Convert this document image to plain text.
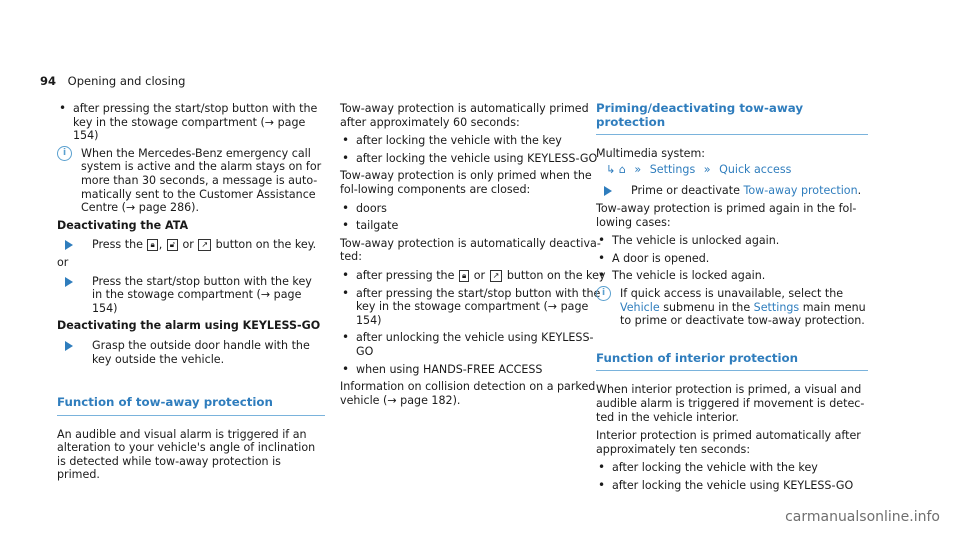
94 Opening and closing
• after pressing the start/stop button with the key in the stowage compartment (→ page 154)
i	When the Mercedes-Benz emergency call system is active and the alarm stays on for more than 30 seconds, a message is auto-matically sent to the Customer Assistance Centre (→ page 286).
Deactivating the ATA
Press the 🔒︎ , 🔓︎ or ↗ button on the key.

or

Press the start/stop button with the key in the stowage compartment (→ page 154)
Deactivating the alarm using KEYLESS-GO
Grasp the outside door handle with the key outside the vehicle.
Function of tow-away protection

An audible and visual alarm is triggered if an alteration to your vehicle's angle of inclination is detected while tow-away protection is primed.

Tow-away protection is automatically primed after approximately 60 seconds:

• after locking the vehicle with the key
• after locking the vehicle using KEYLESS-GO

Tow-away protection is only primed when the fol-lowing components are closed:

• doors
• tailgate

Tow-away protection is automatically deactiva-ted:

• after pressing the 🔒︎ or ↗ button on the key
• after pressing the start/stop button with the key in the stowage compartment (→ page 154)
• after unlocking the vehicle using KEYLESS-GO
• when using HANDS-FREE ACCESS

Information on collision detection on a parked vehicle (→ page 182).

Priming/deactivating tow-away protection

Multimedia system:

↳ ⌂ » Settings » Quick access
Prime or deactivate Tow-away protection.

Tow-away protection is primed again in the fol-lowing cases:

• The vehicle is unlocked again.
• A door is opened.
• The vehicle is locked again.
i	If quick access is unavailable, select the Vehicle submenu in the Settings main menu to prime or deactivate tow-away protection.
Function of interior protection

When interior protection is primed, a visual and audible alarm is triggered if movement is detec-ted in the vehicle interior.

Interior protection is primed automatically after approximately ten seconds:

• after locking the vehicle with the key
• after locking the vehicle using KEYLESS-GO
carmanualsonline.info
